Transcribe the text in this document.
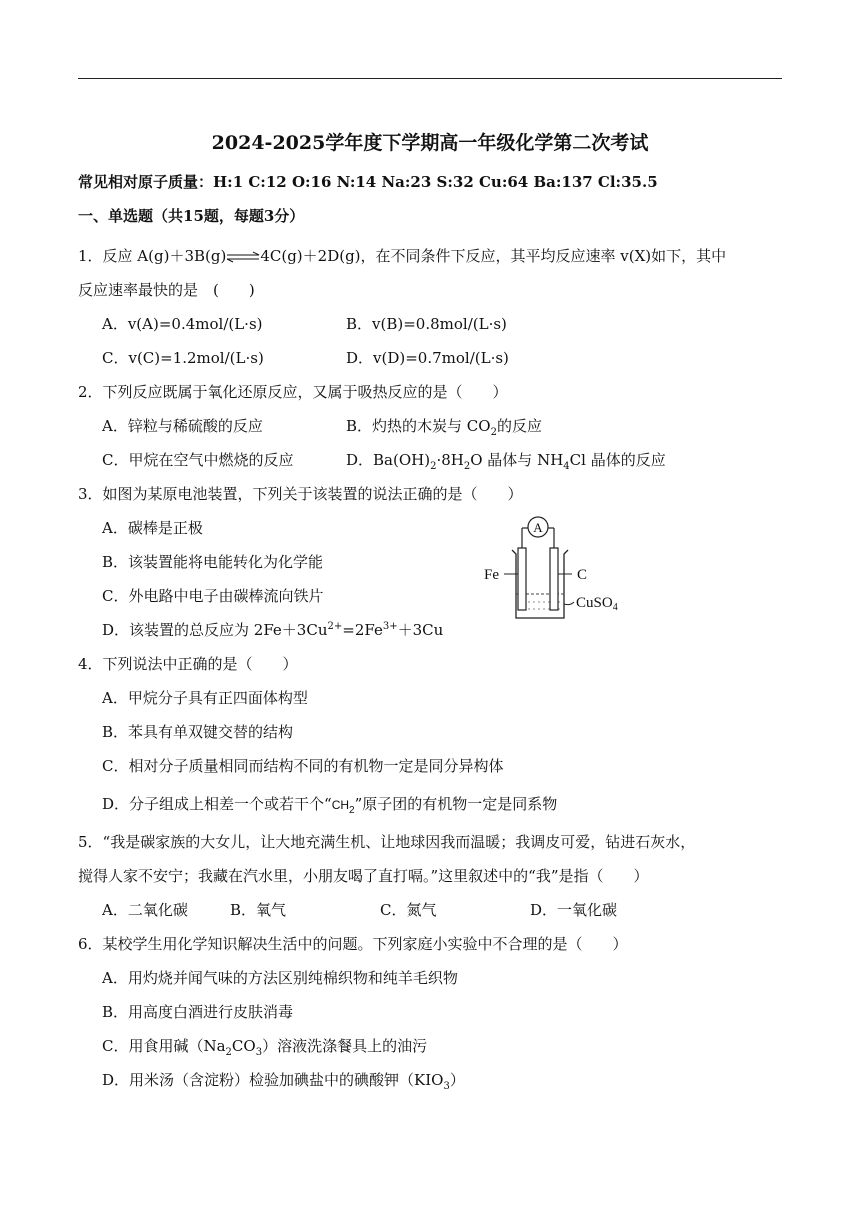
2024-2025学年度下学期高一年级化学第二次考试
常见相对原子质量：H:1 C:12 O:16 N:14 Na:23 S:32 Cu:64 Ba:137 Cl:35.5
一、单选题（共15题，每题3分）
1．反应 A(g)＋3B(g)⇌4C(g)＋2D(g)，在不同条件下反应，其平均反应速率 v(X)如下，其中
反应速率最快的是　(　　)
A．v(A)=0.4mol/(L·s)	B．v(B)=0.8mol/(L·s)
C．v(C)=1.2mol/(L·s)	D．v(D)=0.7mol/(L·s)
2．下列反应既属于氧化还原反应，又属于吸热反应的是（　　）
A．锌粒与稀硫酸的反应	B．灼热的木炭与 $CO_2$的反应
C．甲烷在空气中燃烧的反应	D．$Ba(OH)_2\cdot 8H_2O$ 晶体与 $NH_4Cl$ 晶体的反应
3．如图为某原电池装置，下列关于该装置的说法正确的是（　　）
A．碳棒是正极
B．该装置能将电能转化为化学能
C．外电路中电子由碳棒流向铁片
D．该装置的总反应为 $2Fe+3Cu^{2+}=2Fe^{3+}+3Cu$
A
Fe	C
CuSO$_4$
4．下列说法中正确的是（　　）
A．甲烷分子具有正四面体构型
B．苯具有单双键交替的结构
C．相对分子质量相同而结构不同的有机物一定是同分异构体
D．分子组成上相差一个或若干个“$CH_2$”原子团的有机物一定是同系物
5．“我是碳家族的大女儿，让大地充满生机、让地球因我而温暖；我调皮可爱，钻进石灰水，
搅得人家不安宁；我藏在汽水里，小朋友喝了直打嗝。”这里叙述中的“我”是指（　　）
A．二氧化碳	B．氧气	C．氮气	D．一氧化碳
6．某校学生用化学知识解决生活中的问题。下列家庭小实验中不合理的是（　　）
A．用灼烧并闻气味的方法区别纯棉织物和纯羊毛织物
B．用高度白酒进行皮肤消毒
C．用食用碱$(Na_2CO_3)$溶液洗涤餐具上的油污
D．用米汤（含淀粉）检验加碘盐中的碘酸钾$(KIO_3)$
